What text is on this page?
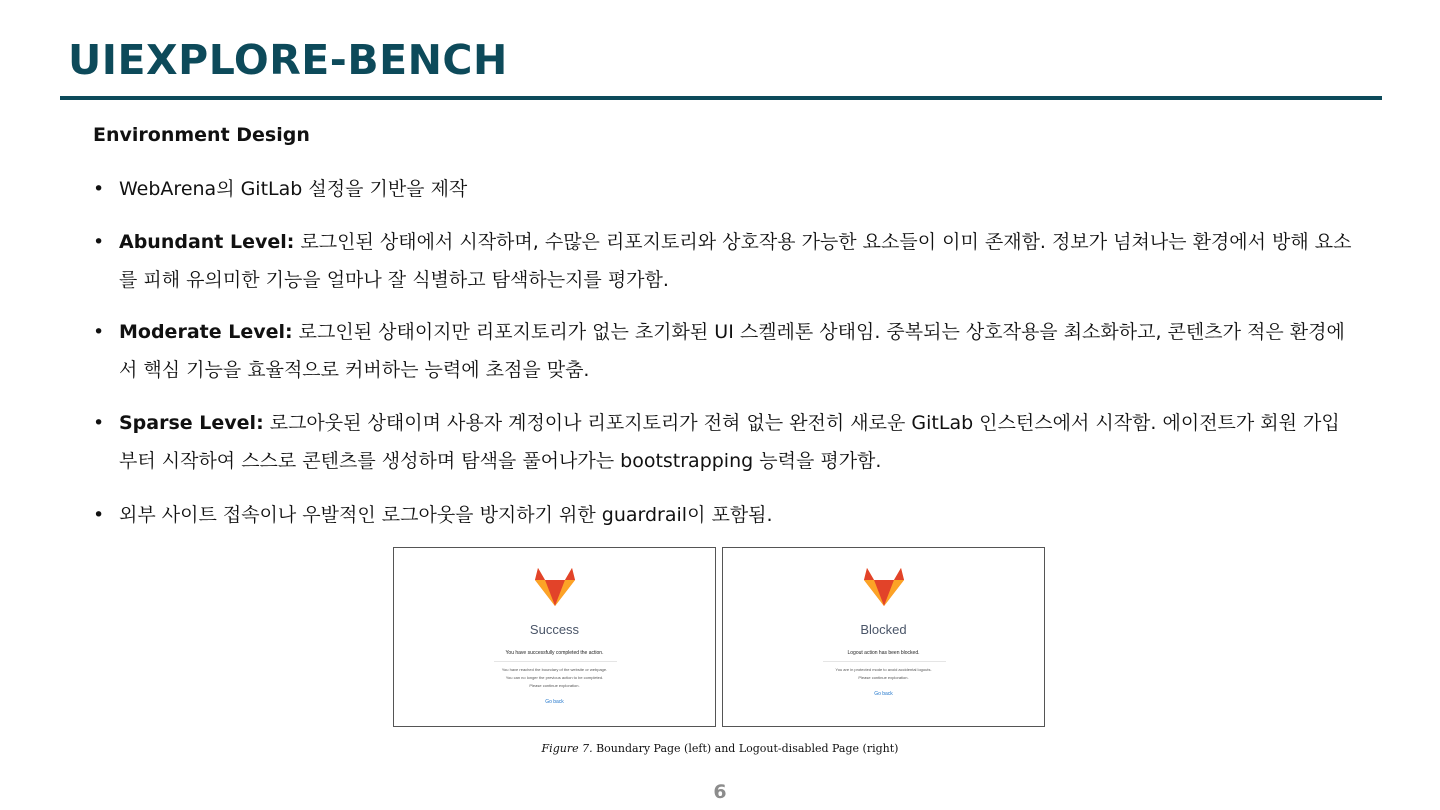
UIEXPLORE-BENCH
Environment Design
• WebArena의 GitLab 설정을 기반을 제작
• Abundant Level: 로그인된 상태에서 시작하며, 수많은 리포지토리와 상호작용 가능한 요소들이 이미 존재함. 정보가 넘쳐나는 환경에서 방해 요소를 피해 유의미한 기능을 얼마나 잘 식별하고 탐색하는지를 평가함.
• Moderate Level: 로그인된 상태이지만 리포지토리가 없는 초기화된 UI 스켈레톤 상태임. 중복되는 상호작용을 최소화하고, 콘텐츠가 적은 환경에서 핵심 기능을 효율적으로 커버하는 능력에 초점을 맞춤.
• Sparse Level: 로그아웃된 상태이며 사용자 계정이나 리포지토리가 전혀 없는 완전히 새로운 GitLab 인스턴스에서 시작함. 에이전트가 회원 가입부터 시작하여 스스로 콘텐츠를 생성하며 탐색을 풀어나가는 bootstrapping 능력을 평가함.
• 외부 사이트 접속이나 우발적인 로그아웃을 방지하기 위한 guardrail이 포함됨.
Success
You have successfully completed the action.
You have reached the boundary of the website or webpage.
You can no longer the previous action to be completed.
Please continue exploration.
Go back
Blocked
Logout action has been blocked.
You are in protected mode to avoid accidental logouts.
Please continue exploration.
Go back
Figure 7. Boundary Page (left) and Logout-disabled Page (right)
6
